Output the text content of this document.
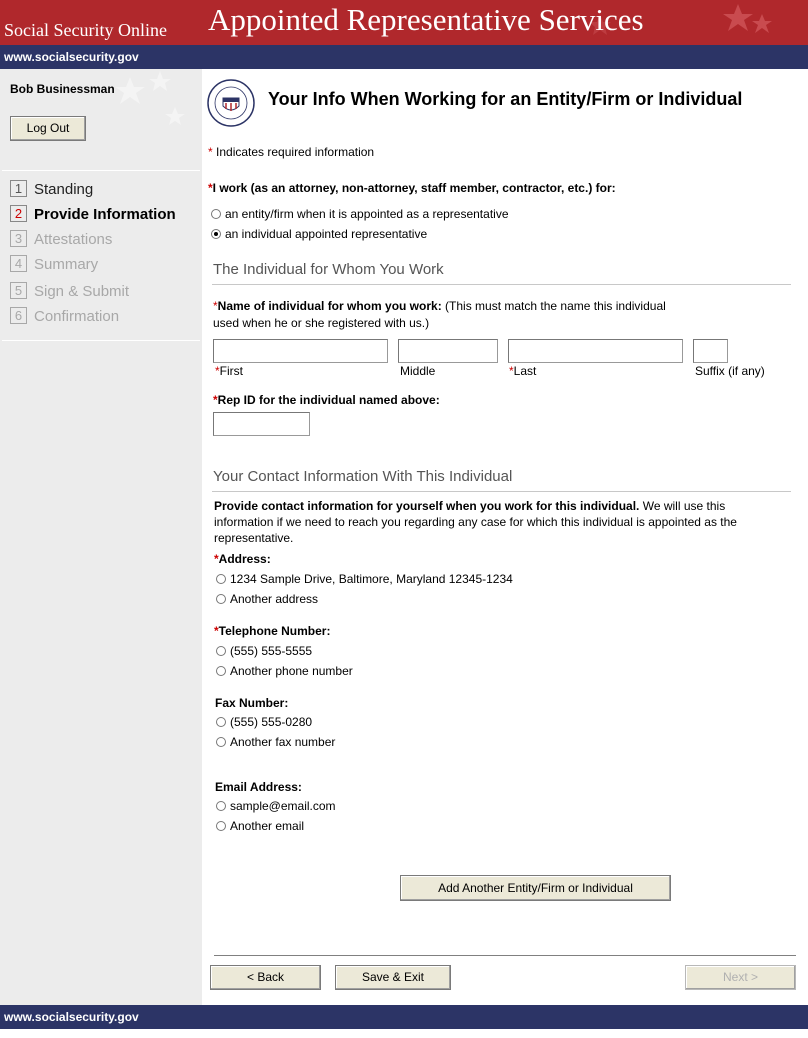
Social Security Online Appointed Representative Services
www.socialsecurity.gov
Bob Businessman
Log Out
1 Standing
2 Provide Information
3 Attestations
4 Summary
5 Sign & Submit
6 Confirmation
Your Info When Working for an Entity/Firm or Individual
* Indicates required information
*I work (as an attorney, non-attorney, staff member, contractor, etc.) for:
an entity/firm when it is appointed as a representative
an individual appointed representative
The Individual for Whom You Work
*Name of individual for whom you work: (This must match the name this individual
used when he or she registered with us.)
*First	Middle	*Last	Suffix (if any)
*Rep ID for the individual named above:
Your Contact Information With This Individual
Provide contact information for yourself when you work for this individual. We will use this
information if we need to reach you regarding any case for which this individual is appointed as the
representative.
*Address:
1234 Sample Drive, Baltimore, Maryland 12345-1234
Another address
*Telephone Number:
(555) 555-5555
Another phone number
Fax Number:
(555) 555-0280
Another fax number
Email Address:
sample@email.com
Another email
Add Another Entity/Firm or Individual
< Back	Save & Exit	Next >
www.socialsecurity.gov
